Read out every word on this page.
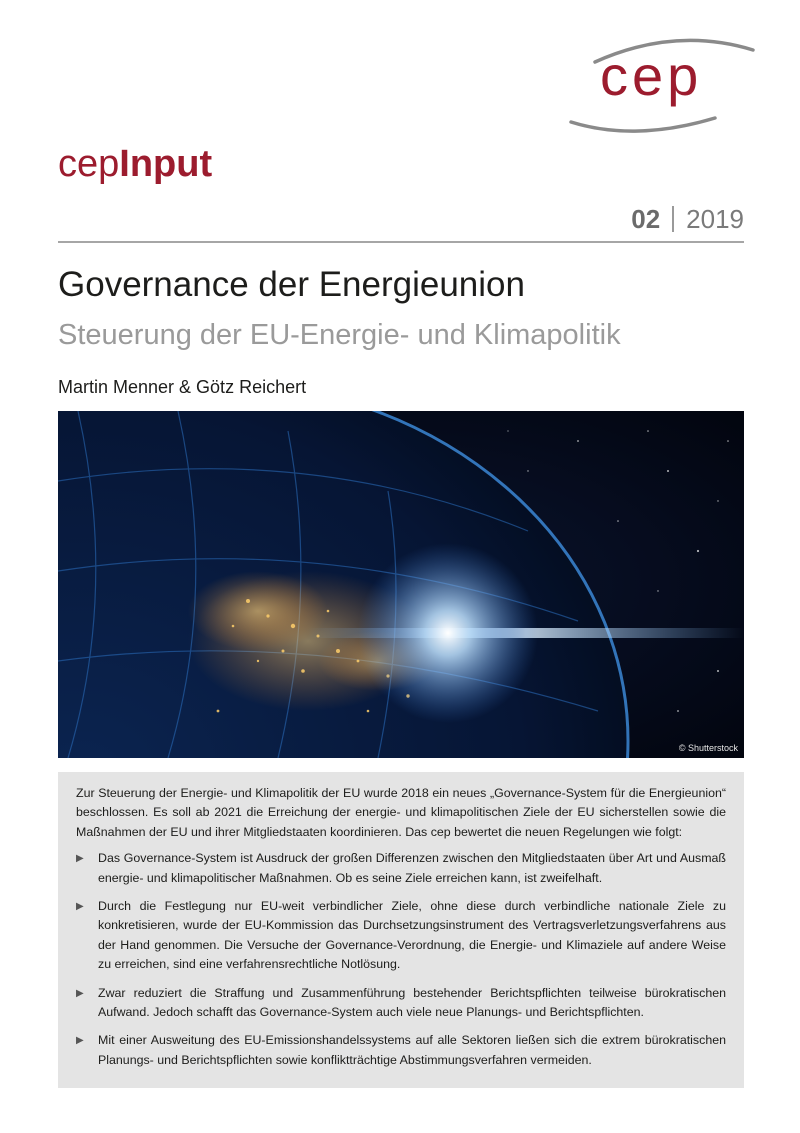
cep
cepInput
02 2019
Governance der Energieunion
Steuerung der EU-Energie- und Klimapolitik
Martin Menner & Götz Reichert
© Shutterstock

Zur Steuerung der Energie- und Klimapolitik der EU wurde 2018 ein neues „Governance-System für die Energieunion“ beschlossen. Es soll ab 2021 die Erreichung der energie- und klimapolitischen Ziele der EU sicherstellen sowie die Maßnahmen der EU und ihrer Mitgliedstaaten koordinieren. Das cep bewertet die neuen Regelungen wie folgt:

▶ Das Governance-System ist Ausdruck der großen Differenzen zwischen den Mitgliedstaaten über Art und Ausmaß energie- und klimapolitischer Maßnahmen. Ob es seine Ziele erreichen kann, ist zweifelhaft.
▶ Durch die Festlegung nur EU-weit verbindlicher Ziele, ohne diese durch verbindliche nationale Ziele zu konkretisieren, wurde der EU-Kommission das Durchsetzungsinstrument des Vertragsverletzungsverfahrens aus der Hand genommen. Die Versuche der Governance-Verordnung, die Energie- und Klimaziele auf andere Weise zu erreichen, sind eine verfahrensrechtliche Notlösung.
▶ Zwar reduziert die Straffung und Zusammenführung bestehender Berichtspflichten teilweise bürokratischen Aufwand. Jedoch schafft das Governance-System auch viele neue Planungs- und Berichtspflichten.
▶ Mit einer Ausweitung des EU-Emissionshandelssystems auf alle Sektoren ließen sich die extrem bürokratischen Planungs- und Berichtspflichten sowie konfliktträchtige Abstimmungsverfahren vermeiden.
